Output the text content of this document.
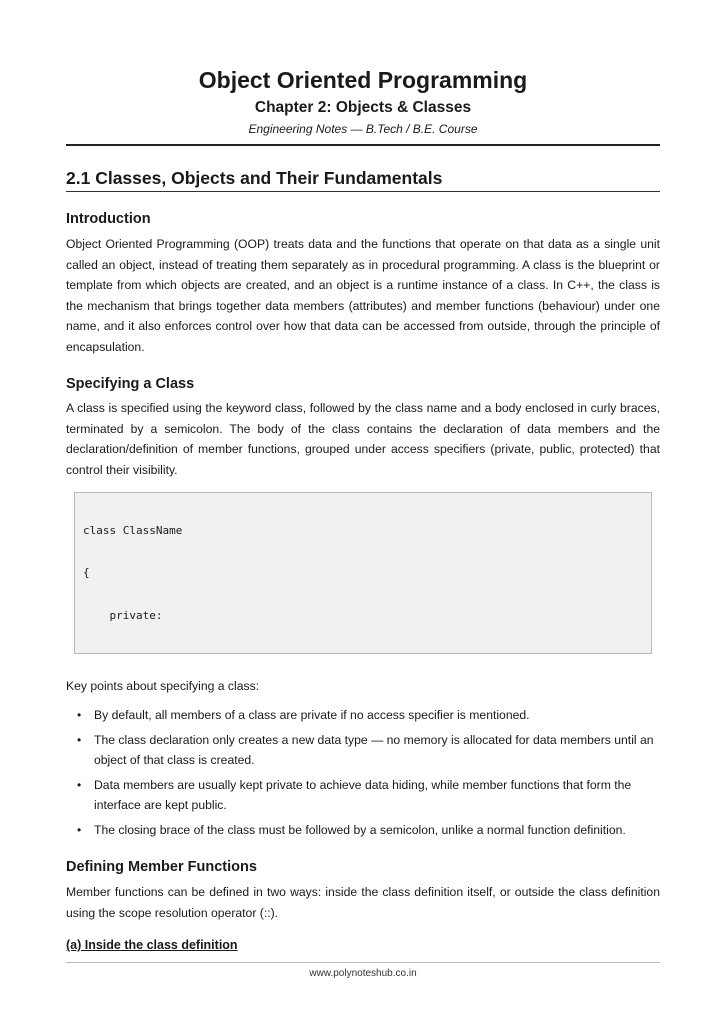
Object Oriented Programming
Chapter 2: Objects & Classes
Engineering Notes — B.Tech / B.E. Course
2.1 Classes, Objects and Their Fundamentals
Introduction
Object Oriented Programming (OOP) treats data and the functions that operate on that data as a single unit called an object, instead of treating them separately as in procedural programming. A class is the blueprint or template from which objects are created, and an object is a runtime instance of a class. In C++, the class is the mechanism that brings together data members (attributes) and member functions (behaviour) under one name, and it also enforces control over how that data can be accessed from outside, through the principle of encapsulation.
Specifying a Class
A class is specified using the keyword class, followed by the class name and a body enclosed in curly braces, terminated by a semicolon. The body of the class contains the declaration of data members and the declaration/definition of member functions, grouped under access specifiers (private, public, protected) that control their visibility.

class ClassName

{

private:

Key points about specifying a class:
• By default, all members of a class are private if no access specifier is mentioned.
• The class declaration only creates a new data type — no memory is allocated for data members until an object of that class is created.
• Data members are usually kept private to achieve data hiding, while member functions that form the interface are kept public.
• The closing brace of the class must be followed by a semicolon, unlike a normal function definition.
Defining Member Functions
Member functions can be defined in two ways: inside the class definition itself, or outside the class definition using the scope resolution operator (::).
(a) Inside the class definition
www.polynoteshub.co.in
